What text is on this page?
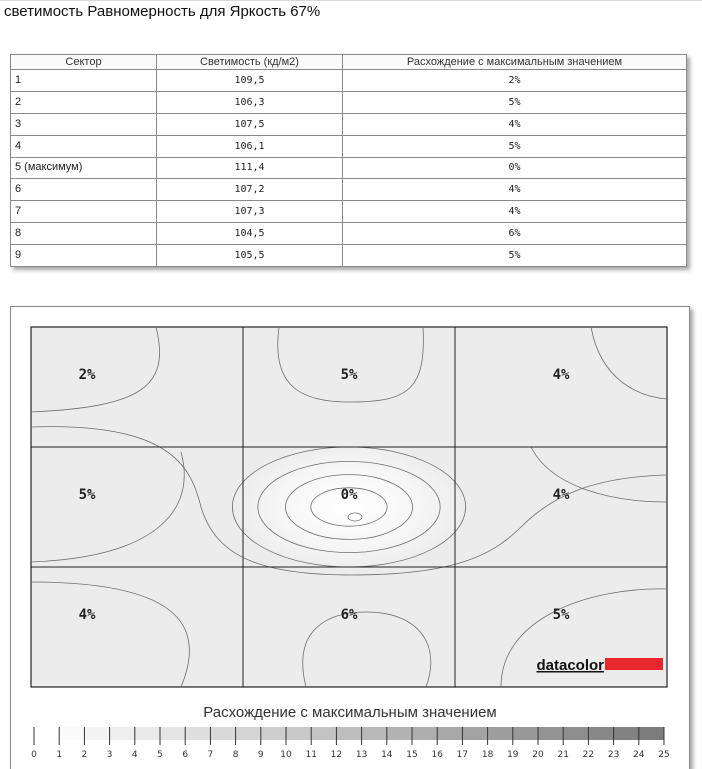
светимость Равномерность для Яркость 67%
Сектор	Светимость (кд/м2)	Расхождение с максимальным значением
1	109,5	2%
2	106,3	5%
3	107,5	4%
4	106,1	5%
5 (максимум)	111,4	0%
6	107,2	4%
7	107,3	4%
8	104,5	6%
9	105,5	5%
2%	5%	4%
5%	0%	4%
4%	6%	5%
datacolor
Расхождение с максимальным значением
0 1 2 3 4 5 6 7 8 9 10 11 12 13 14 15 16 17 18 19 20 21 22 23 24 25
